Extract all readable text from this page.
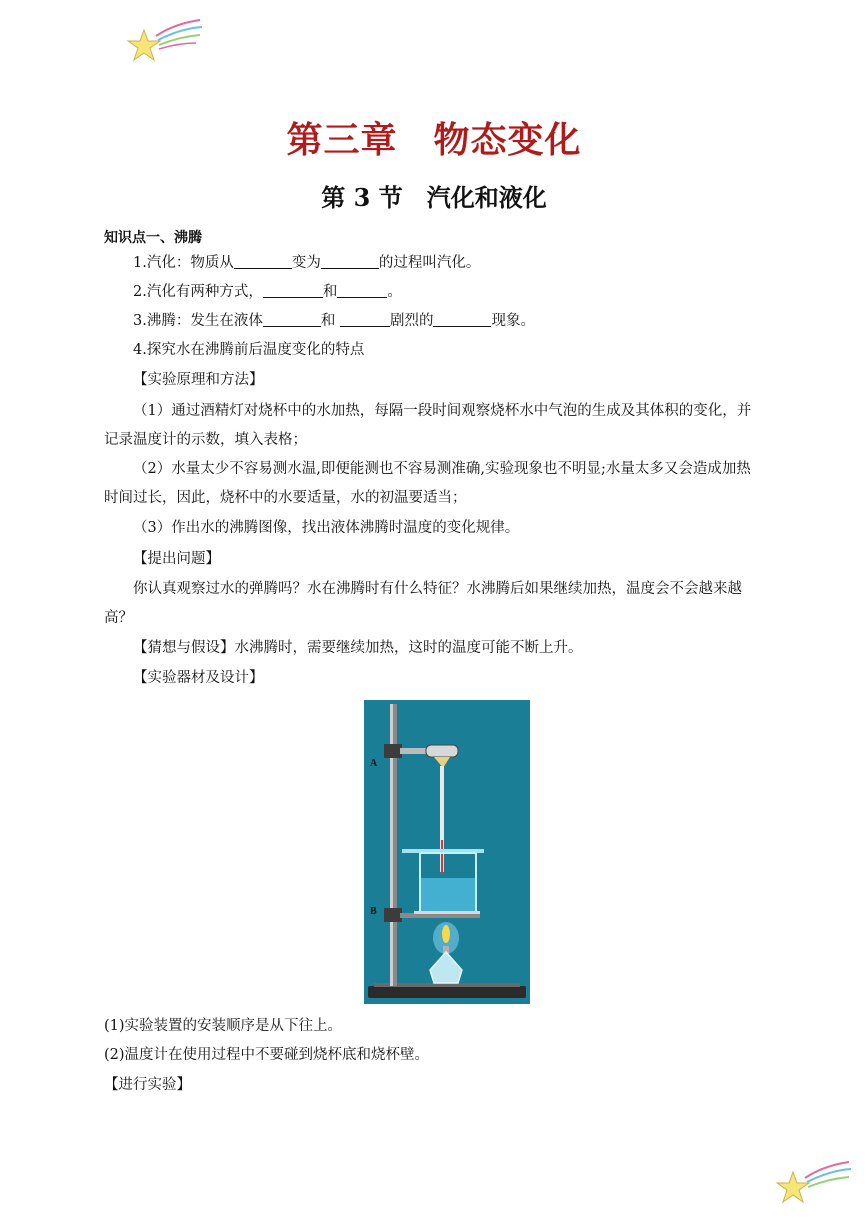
第三章 物态变化
第 3 节 汽化和液化
知识点一、沸腾
1.汽化：物质从	变为	的过程叫汽化。
2.汽化有两种方式，	和	。
3.沸腾：发生在液体	和	剧烈的	现象。
4.探究水在沸腾前后温度变化的特点
【实验原理和方法】
（1）通过酒精灯对烧杯中的水加热，每隔一段时间观察烧杯水中气泡的生成及其体积的变化，并记录温度计的示数，填入表格；
（2）水量太少不容易测水温,即便能测也不容易测准确,实验现象也不明显;水量太多又会造成加热时间过长，因此，烧杯中的水要适量，水的初温要适当；
（3）作出水的沸腾图像，找出液体沸腾时温度的变化规律。
【提出问题】
你认真观察过水的弹腾吗？水在沸腾时有什么特征？水沸腾后如果继续加热，温度会不会越来越高？
【猜想与假设】水沸腾时，需要继续加热，这时的温度可能不断上升。
【实验器材及设计】
A
B
(1)实验装置的安装顺序是从下往上。
(2)温度计在使用过程中不要碰到烧杯底和烧杯壁。
【进行实验】
